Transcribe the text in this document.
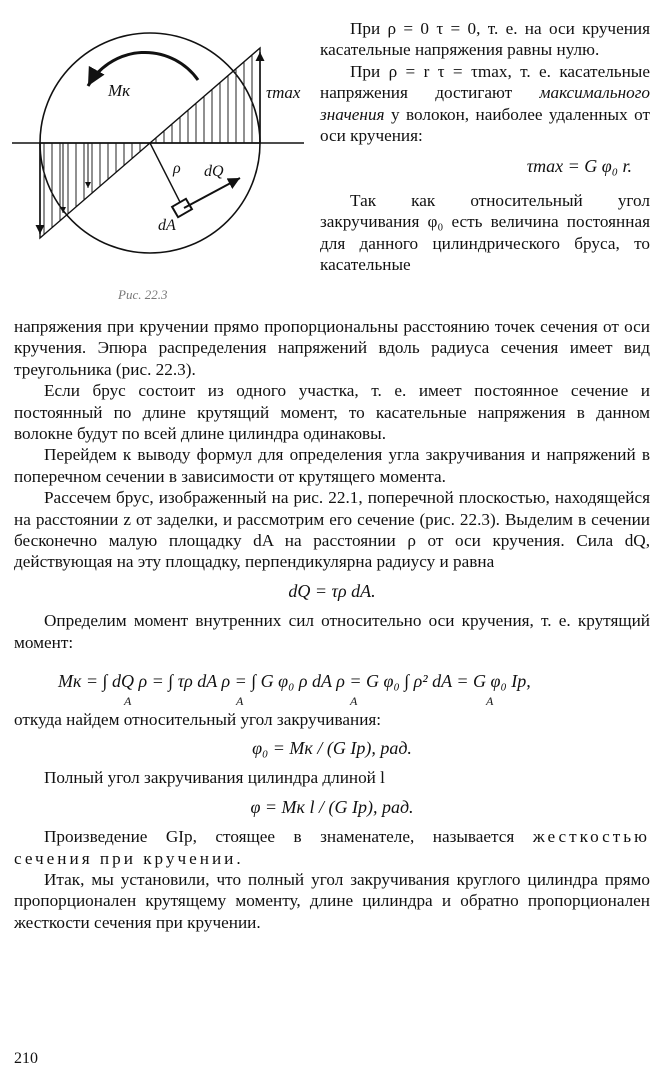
Mк	τmax
ρ dQ
dA
Рис. 22.3

При ρ = 0 τ = 0, т. е. на оси кручения касательные напряжения равны нулю.

При ρ = r τ = τmax, т. е. касательные напряжения достигают максимального значения у волокон, наиболее удаленных от оси кручения:

τmax = G φ₀ r.

Так как относительный угол закручивания φ₀ есть величина постоянная для данного цилиндрического бруса, то касательные

напряжения при кручении прямо пропорциональны расстоянию точек сечения от оси кручения. Эпюра распределения напряжений вдоль радиуса сечения имеет вид треугольника (рис. 22.3).

Если брус состоит из одного участка, т. е. имеет постоянное сечение и постоянный по длине крутящий момент, то касательные напряжения в данном волокне будут по всей длине цилиндра одинаковы.

Перейдем к выводу формул для определения угла закручивания и напряжений в поперечном сечении в зависимости от крутящего момента.

Рассечем брус, изображенный на рис. 22.1, поперечной плоскостью, находящейся на расстоянии z от заделки, и рассмотрим его сечение (рис. 22.3). Выделим в сечении бесконечно малую площадку dA на расстоянии ρ от оси кручения. Сила dQ, действующая на эту площадку, перпендикулярна радиусу и равна

dQ = τρ dA.

Определим момент внутренних сил относительно оси кручения, т. е. крутящий момент:

Mк = ∫ dQ ρ = ∫ τρ dA ρ = ∫ G φ₀ ρ dA ρ = G φ₀ ∫ ρ² dA = G φ₀ Ip,
A	A	A	A

откуда найдем относительный угол закручивания:

φ₀ = Mк / (G Ip), рад.

Полный угол закручивания цилиндра длиной l

φ = Mк l / (G Ip), рад.

Произведение GIp, стоящее в знаменателе, называется жесткостью сечения при кручении.

Итак, мы установили, что полный угол закручивания круглого цилиндра прямо пропорционален крутящему моменту, длине цилиндра и обратно пропорционален жесткости сечения при кручении.

210
